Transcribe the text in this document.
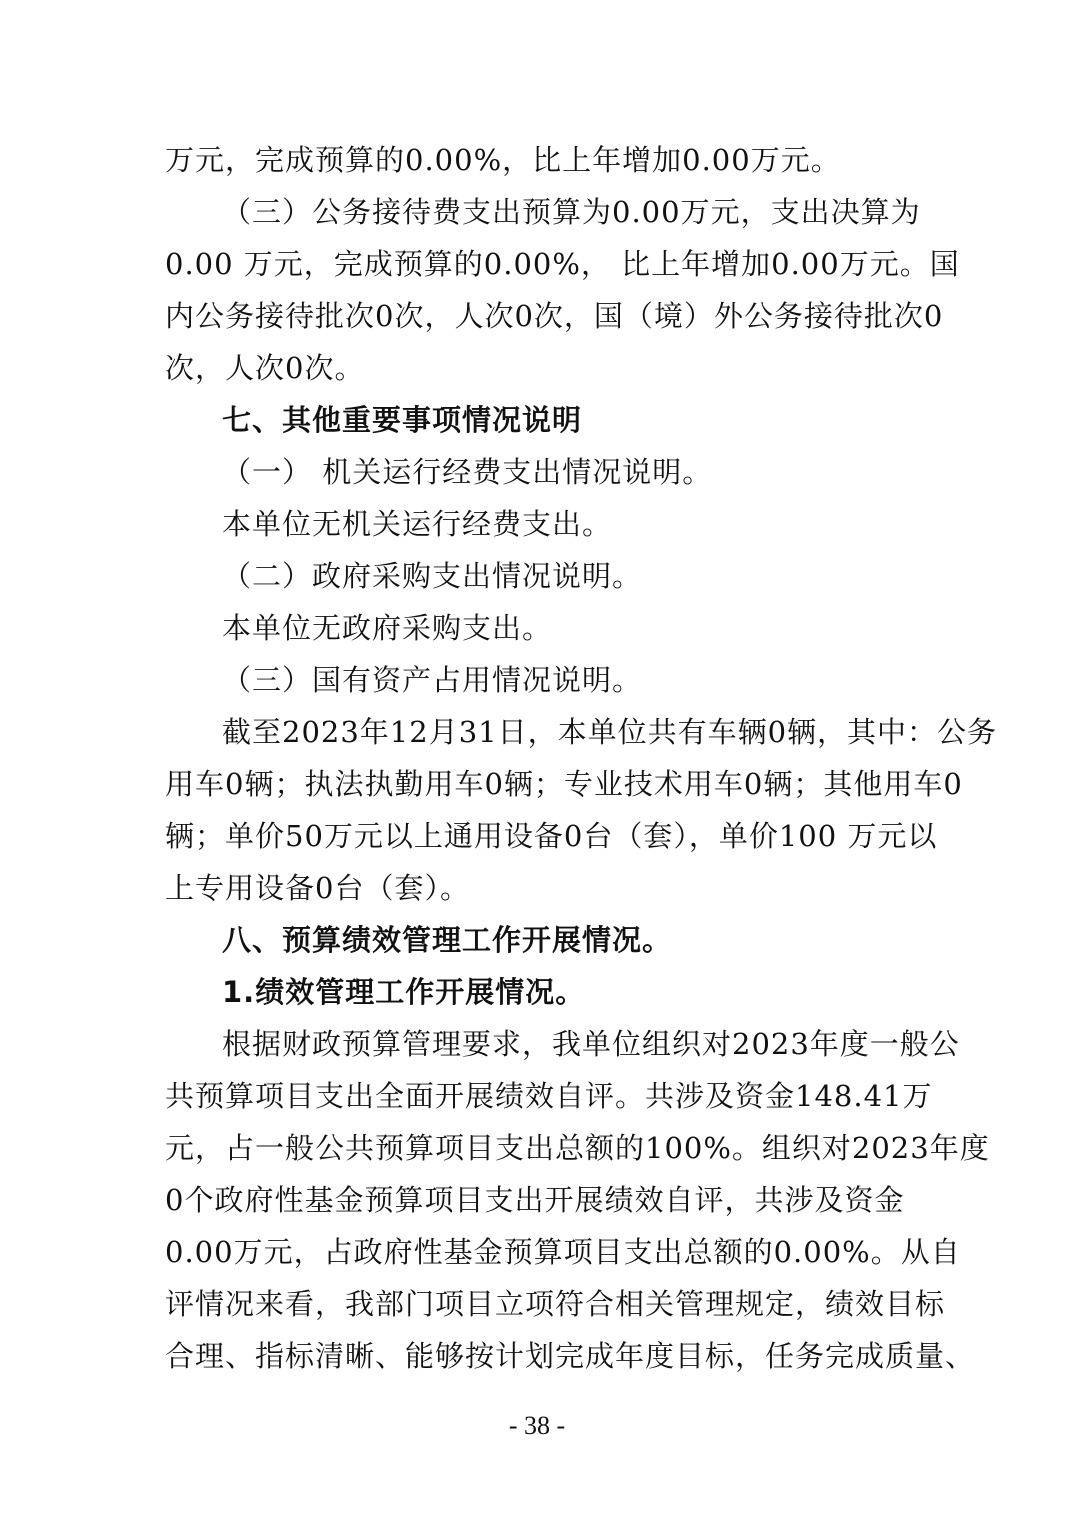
万元，完成预算的0.00%，比上年增加0.00万元。
（三）公务接待费支出预算为0.00万元，支出决算为
0.00 万元，完成预算的0.00%， 比上年增加0.00万元。国
内公务接待批次0次，人次0次，国（境）外公务接待批次0
次，人次0次。
七、其他重要事项情况说明
（一） 机关运行经费支出情况说明。
本单位无机关运行经费支出。
（二）政府采购支出情况说明。
本单位无政府采购支出。
（三）国有资产占用情况说明。
截至2023年12月31日，本单位共有车辆0辆，其中：公务
用车0辆；执法执勤用车0辆；专业技术用车0辆；其他用车0
辆；单价50万元以上通用设备0台（套），单价100 万元以
上专用设备0台（套）。
八、预算绩效管理工作开展情况。
1.绩效管理工作开展情况。
根据财政预算管理要求，我单位组织对2023年度一般公
共预算项目支出全面开展绩效自评。共涉及资金148.41万
元，占一般公共预算项目支出总额的100%。组织对2023年度
0个政府性基金预算项目支出开展绩效自评，共涉及资金
0.00万元，占政府性基金预算项目支出总额的0.00%。从自
评情况来看，我部门项目立项符合相关管理规定，绩效目标
合理、指标清晰、能够按计划完成年度目标，任务完成质量、
- 38 -
